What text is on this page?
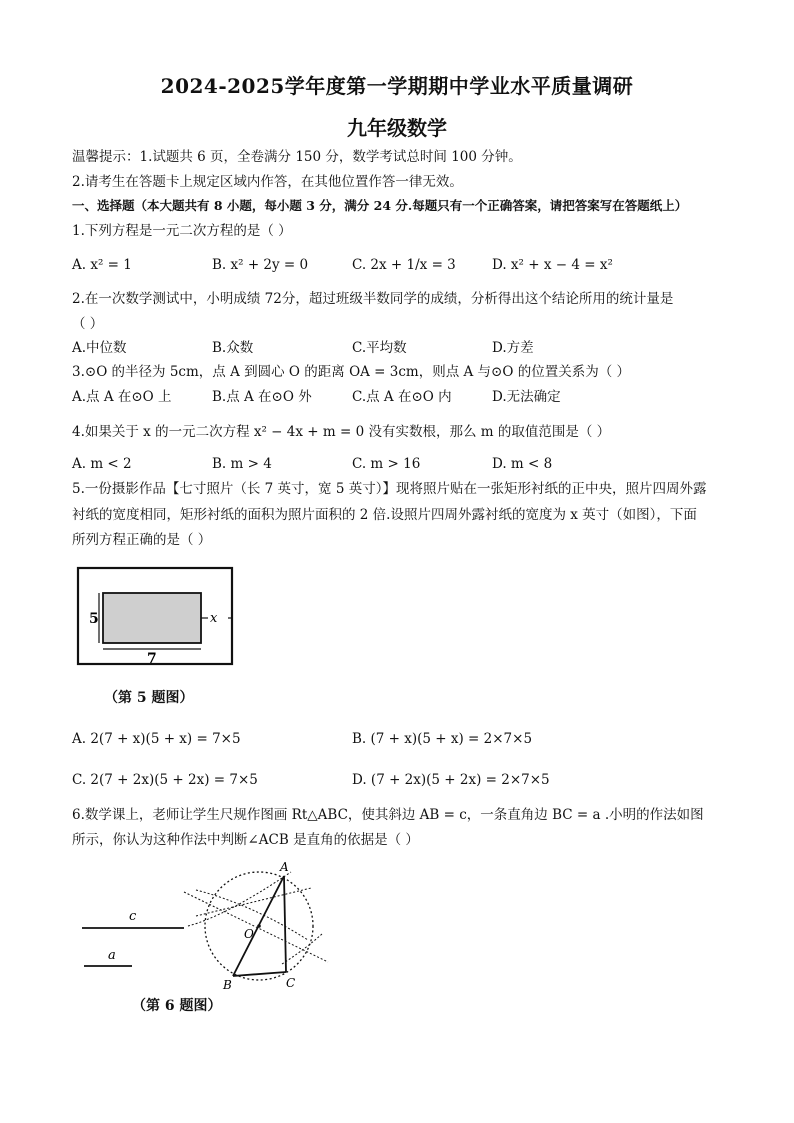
2024-2025学年度第一学期期中学业水平质量调研
九年级数学
温馨提示：1.试题共 6 页，全卷满分 150 分，数学考试总时间 100 分钟。
2.请考生在答题卡上规定区域内作答，在其他位置作答一律无效。
一、选择题（本大题共有 8 小题，每小题 3 分，满分 24 分.每题只有一个正确答案，请把答案写在答题纸上）
1.下列方程是一元二次方程的是（ ）
A. x² = 1	B. x² + 2y = 0	C. 2x + 1/x = 3	D. x² + x − 4 = x²
2.在一次数学测试中，小明成绩 72分，超过班级半数同学的成绩，分析得出这个结论所用的统计量是
（ ）
A.中位数	B.众数	C.平均数	D.方差
3.⊙O 的半径为 5cm，点 A 到圆心 O 的距离 OA = 3cm，则点 A 与⊙O 的位置关系为（ ）
A.点 A 在⊙O 上	B.点 A 在⊙O 外	C.点 A 在⊙O 内	D.无法确定
4.如果关于 x 的一元二次方程 x² − 4x + m = 0 没有实数根，那么 m 的取值范围是（ ）
A. m < 2	B. m > 4	C. m > 16	D. m < 8
5.一份摄影作品【七寸照片（长 7 英寸，宽 5 英寸）】现将照片贴在一张矩形衬纸的正中央，照片四周外露
衬纸的宽度相同，矩形衬纸的面积为照片面积的 2 倍.设照片四周外露衬纸的宽度为 x 英寸（如图），下面
所列方程正确的是（ ）
5
7
x
（第 5 题图）
A. 2(7 + x)(5 + x) = 7×5	B. (7 + x)(5 + x) = 2×7×5
C. 2(7 + 2x)(5 + 2x) = 7×5	D. (7 + 2x)(5 + 2x) = 2×7×5
6.数学课上，老师让学生尺规作图画 Rt△ABC，使其斜边 AB = c，一条直角边 BC = a .小明的作法如图
所示，你认为这种作法中判断∠ACB 是直角的依据是（ ）
c
a
A
B	C
O
（第 6 题图）
